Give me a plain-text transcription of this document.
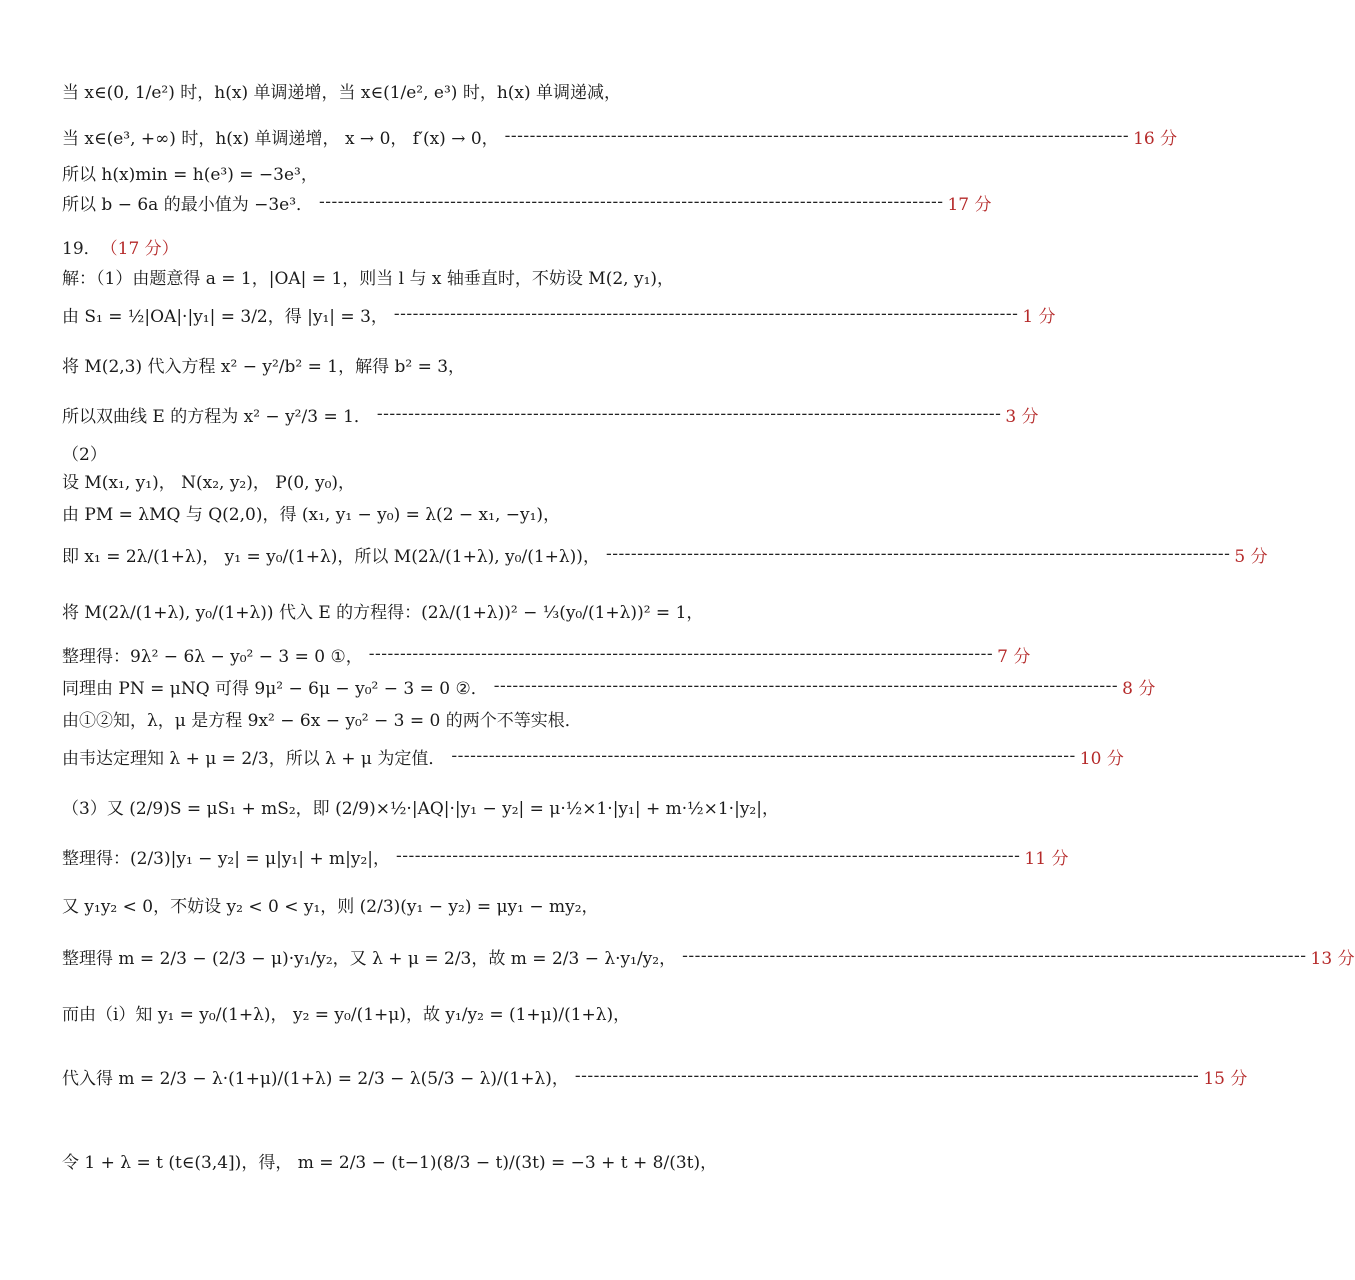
当 x∈(0, 1/e²) 时，h(x) 单调递增，当 x∈(1/e², e³) 时，h(x) 单调递减，
当 x∈(e³, +∞) 时，h(x) 单调递增， x → 0， f′(x) → 0， ---------------------------------------------------------------------------------------------------- 16 分
所以 h(x)min = h(e³) = −3e³，
所以 b − 6a 的最小值为 −3e³． ---------------------------------------------------------------------------------------------------- 17 分
19． （17 分）
解：（1）由题意得 a = 1，|OA| = 1，则当 l 与 x 轴垂直时，不妨设 M(2, y₁)，
由 S₁ = ½|OA|·|y₁| = 3/2，得 |y₁| = 3， ---------------------------------------------------------------------------------------------------- 1 分
将 M(2,3) 代入方程 x² − y²/b² = 1，解得 b² = 3，
所以双曲线 E 的方程为 x² − y²/3 = 1． ---------------------------------------------------------------------------------------------------- 3 分
（2）
设 M(x₁, y₁)， N(x₂, y₂)， P(0, y₀)，
由 PM = λMQ 与 Q(2,0)，得 (x₁, y₁ − y₀) = λ(2 − x₁, −y₁)，
即 x₁ = 2λ/(1+λ)， y₁ = y₀/(1+λ)，所以 M(2λ/(1+λ), y₀/(1+λ))， ---------------------------------------------------------------------------------------------------- 5 分
将 M(2λ/(1+λ), y₀/(1+λ)) 代入 E 的方程得：(2λ/(1+λ))² − ⅓(y₀/(1+λ))² = 1，
整理得：9λ² − 6λ − y₀² − 3 = 0 ①， ---------------------------------------------------------------------------------------------------- 7 分
同理由 PN = μNQ 可得 9μ² − 6μ − y₀² − 3 = 0 ②． ---------------------------------------------------------------------------------------------------- 8 分
由①②知，λ，μ 是方程 9x² − 6x − y₀² − 3 = 0 的两个不等实根．
由韦达定理知 λ + μ = 2/3，所以 λ + μ 为定值． ---------------------------------------------------------------------------------------------------- 10 分
（3）又 (2/9)S = μS₁ + mS₂，即 (2/9)×½·|AQ|·|y₁ − y₂| = μ·½×1·|y₁| + m·½×1·|y₂|，
整理得：(2/3)|y₁ − y₂| = μ|y₁| + m|y₂|， ---------------------------------------------------------------------------------------------------- 11 分
又 y₁y₂ < 0，不妨设 y₂ < 0 < y₁，则 (2/3)(y₁ − y₂) = μy₁ − my₂，
整理得 m = 2/3 − (2/3 − μ)·y₁/y₂，又 λ + μ = 2/3，故 m = 2/3 − λ·y₁/y₂， ---------------------------------------------------------------------------------------------------- 13 分
而由（i）知 y₁ = y₀/(1+λ)， y₂ = y₀/(1+μ)，故 y₁/y₂ = (1+μ)/(1+λ)，
代入得 m = 2/3 − λ·(1+μ)/(1+λ) = 2/3 − λ(5/3 − λ)/(1+λ)， ---------------------------------------------------------------------------------------------------- 15 分
令 1 + λ = t (t∈(3,4])，得， m = 2/3 − (t−1)(8/3 − t)/(3t) = −3 + t + 8/(3t)，
